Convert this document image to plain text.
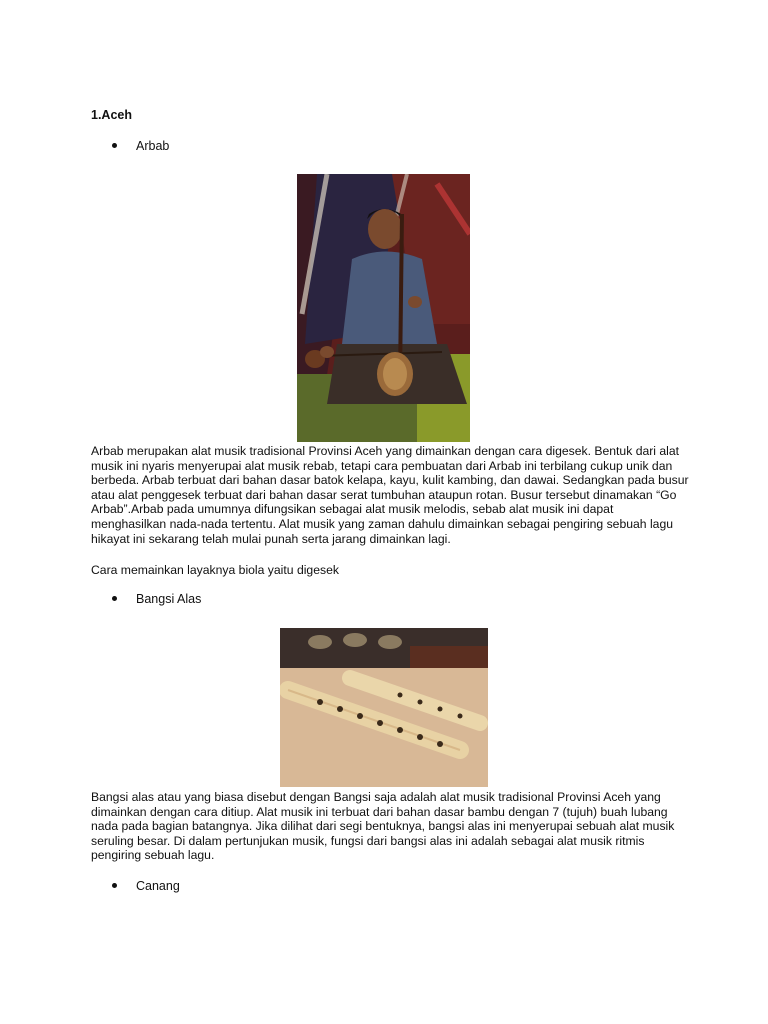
1.Aceh
Arbab

Arbab merupakan alat musik tradisional Provinsi Aceh yang dimainkan dengan cara digesek. Bentuk dari alat musik ini nyaris menyerupai alat musik rebab, tetapi cara pembuatan dari Arbab ini terbilang cukup unik dan berbeda. Arbab terbuat dari bahan dasar batok kelapa, kayu, kulit kambing, dan dawai. Sedangkan pada busur atau alat penggesek terbuat dari bahan dasar serat tumbuhan ataupun rotan. Busur tersebut dinamakan “Go Arbab”.Arbab pada umumnya difungsikan sebagai alat musik melodis, sebab alat musik ini dapat menghasilkan nada-nada tertentu. Alat musik yang zaman dahulu dimainkan sebagai pengiring sebuah lagu hikayat ini sekarang telah mulai punah serta jarang dimainkan lagi.

Cara memainkan layaknya biola yaitu digesek

Bangsi Alas

Bangsi alas atau yang biasa disebut dengan Bangsi saja adalah alat musik tradisional Provinsi Aceh yang dimainkan dengan cara ditiup. Alat musik ini terbuat dari bahan dasar bambu dengan 7 (tujuh) buah lubang nada pada bagian batangnya. Jika dilihat dari segi bentuknya, bangsi alas ini menyerupai sebuah alat musik seruling besar. Di dalam pertunjukan musik, fungsi dari bangsi alas ini adalah sebagai alat musik ritmis pengiring sebuah lagu.

Canang
